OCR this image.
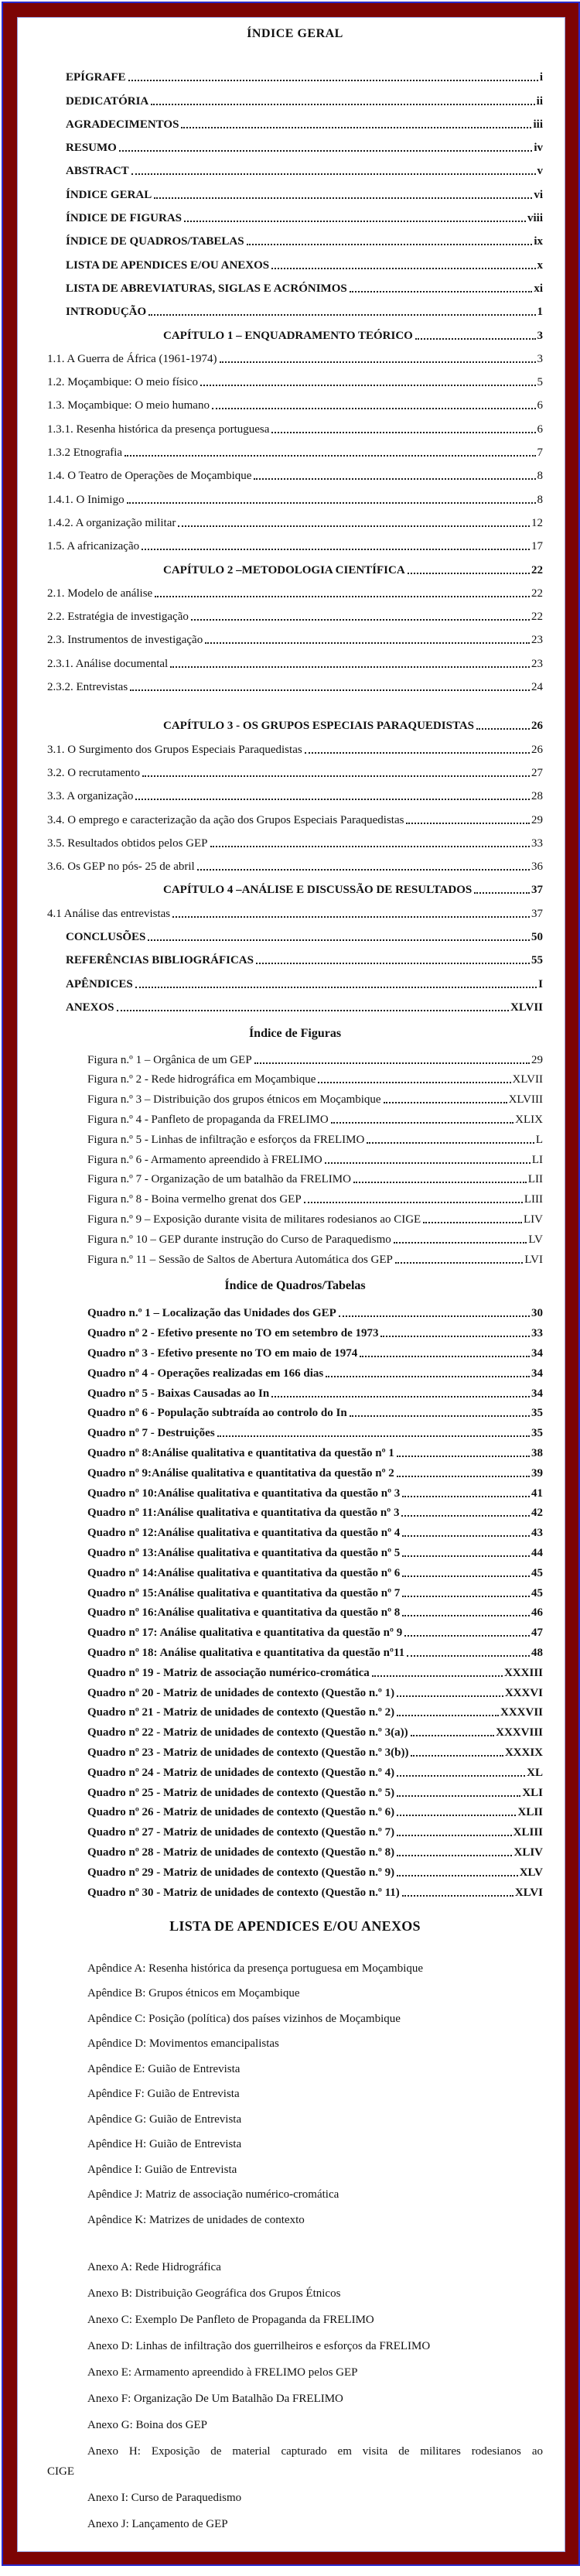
ÍNDICE GERAL
EPÍGRAFE	i
DEDICATÓRIA	ii
AGRADECIMENTOS	iii
RESUMO	iv
ABSTRACT	v
ÍNDICE GERAL	vi
ÍNDICE DE FIGURAS	viii
ÍNDICE DE QUADROS/TABELAS	ix
LISTA DE APENDICES E/OU ANEXOS	x
LISTA DE ABREVIATURAS, SIGLAS E ACRÓNIMOS	xi
INTRODUÇÃO	1
CAPÍTULO 1 – ENQUADRAMENTO TEÓRICO	3
1.1. A Guerra de África (1961-1974)	3
1.2. Moçambique: O meio físico	5
1.3. Moçambique: O meio humano	6
1.3.1. Resenha histórica da presença portuguesa	6
1.3.2 Etnografia	7
1.4. O Teatro de Operações de Moçambique	8
1.4.1. O Inimigo	8
1.4.2. A organização militar	12
1.5. A africanização	17
CAPÍTULO 2 –METODOLOGIA CIENTÍFICA	22
2.1. Modelo de análise	22
2.2. Estratégia de investigação	22
2.3. Instrumentos de investigação	23
2.3.1. Análise documental	23
2.3.2. Entrevistas	24
CAPÍTULO 3 - OS GRUPOS ESPECIAIS PARAQUEDISTAS	26
3.1. O Surgimento dos Grupos Especiais Paraquedistas	26
3.2. O recrutamento	27
3.3. A organização	28
3.4. O emprego e caracterização da ação dos Grupos Especiais Paraquedistas	29
3.5. Resultados obtidos pelos GEP	33
3.6. Os GEP no pós- 25 de abril	36
CAPÍTULO 4 –ANÁLISE E DISCUSSÃO DE RESULTADOS	37
4.1 Análise das entrevistas	37
CONCLUSÕES	50
REFERÊNCIAS BIBLIOGRÁFICAS	55
APÊNDICES	I
ANEXOS	XLVII
Índice de Figuras
Figura n.º 1 – Orgânica de um GEP	29
Figura n.º 2 - Rede hidrográfica em Moçambique	XLVII
Figura n.º 3 – Distribuição dos grupos étnicos em Moçambique	XLVIII
Figura n.º 4 - Panfleto de propaganda da FRELIMO	XLIX
Figura n.º 5 - Linhas de infiltração e esforços da FRELIMO	L
Figura n.º 6 - Armamento apreendido à FRELIMO	LI
Figura n.º 7 - Organização de um batalhão da FRELIMO	LII
Figura n.º 8 - Boina vermelho grenat dos GEP	LIII
Figura n.º 9 – Exposição durante visita de militares rodesianos ao CIGE	LIV
Figura n.º 10 – GEP durante instrução do Curso de Paraquedismo	LV
Figura n.º 11 – Sessão de Saltos de Abertura Automática dos GEP	LVI
Índice de Quadros/Tabelas
Quadro n.º 1 – Localização das Unidades dos GEP	30
Quadro nº 2 - Efetivo presente no TO em setembro de 1973	33
Quadro nº 3 - Efetivo presente no TO em maio de 1974	34
Quadro nº 4 - Operações realizadas em 166 dias	34
Quadro nº 5 - Baixas Causadas ao In	34
Quadro nº 6 - População subtraída ao controlo do In	35
Quadro nº 7 - Destruições	35
Quadro nº 8:Análise qualitativa e quantitativa da questão nº 1	38
Quadro nº 9:Análise qualitativa e quantitativa da questão nº 2	39
Quadro nº 10:Análise qualitativa e quantitativa da questão nº 3	41
Quadro nº 11:Análise qualitativa e quantitativa da questão nº 3	42
Quadro nº 12:Análise qualitativa e quantitativa da questão nº 4	43
Quadro nº 13:Análise qualitativa e quantitativa da questão nº 5	44
Quadro nº 14:Análise qualitativa e quantitativa da questão nº 6	45
Quadro nº 15:Análise qualitativa e quantitativa da questão nº 7	45
Quadro nº 16:Análise qualitativa e quantitativa da questão nº 8	46
Quadro nº 17: Análise qualitativa e quantitativa da questão nº 9	47
Quadro nº 18: Análise qualitativa e quantitativa da questão nº11	48
Quadro nº 19 - Matriz de associação numérico-cromática	XXXIII
Quadro nº 20 - Matriz de unidades de contexto (Questão n.º 1)	XXXVI
Quadro nº 21 - Matriz de unidades de contexto (Questão n.º 2)	XXXVII
Quadro nº 22 - Matriz de unidades de contexto (Questão n.º 3(a))	XXXVIII
Quadro nº 23 - Matriz de unidades de contexto (Questão n.º 3(b))	XXXIX
Quadro nº 24 - Matriz de unidades de contexto (Questão n.º 4)	XL
Quadro nº 25 - Matriz de unidades de contexto (Questão n.º 5)	XLI
Quadro nº 26 - Matriz de unidades de contexto (Questão n.º 6)	XLII
Quadro nº 27 - Matriz de unidades de contexto (Questão n.º 7)	XLIII
Quadro nº 28 - Matriz de unidades de contexto (Questão n.º 8)	XLIV
Quadro nº 29 - Matriz de unidades de contexto (Questão n.º 9)	XLV
Quadro nº 30 - Matriz de unidades de contexto (Questão n.º 11)	XLVI
LISTA DE APENDICES E/OU ANEXOS

Apêndice A: Resenha histórica da presença portuguesa em Moçambique

Apêndice B: Grupos étnicos em Moçambique

Apêndice C: Posição (política) dos países vizinhos de Moçambique

Apêndice D: Movimentos emancipalistas

Apêndice E: Guião de Entrevista

Apêndice F: Guião de Entrevista

Apêndice G: Guião de Entrevista

Apêndice H: Guião de Entrevista

Apêndice I: Guião de Entrevista

Apêndice J: Matriz de associação numérico-cromática

Apêndice K: Matrizes de unidades de contexto

Anexo A: Rede Hidrográfica

Anexo B: Distribuição Geográfica dos Grupos Étnicos

Anexo C: Exemplo De Panfleto de Propaganda da FRELIMO

Anexo D: Linhas de infiltração dos guerrilheiros e esforços da FRELIMO

Anexo E: Armamento apreendido à FRELIMO pelos GEP

Anexo F: Organização De Um Batalhão Da FRELIMO

Anexo G: Boina dos GEP

Anexo H: Exposição de material capturado em visita de militares rodesianos ao
CIGE

Anexo I: Curso de Paraquedismo

Anexo J: Lançamento de GEP
